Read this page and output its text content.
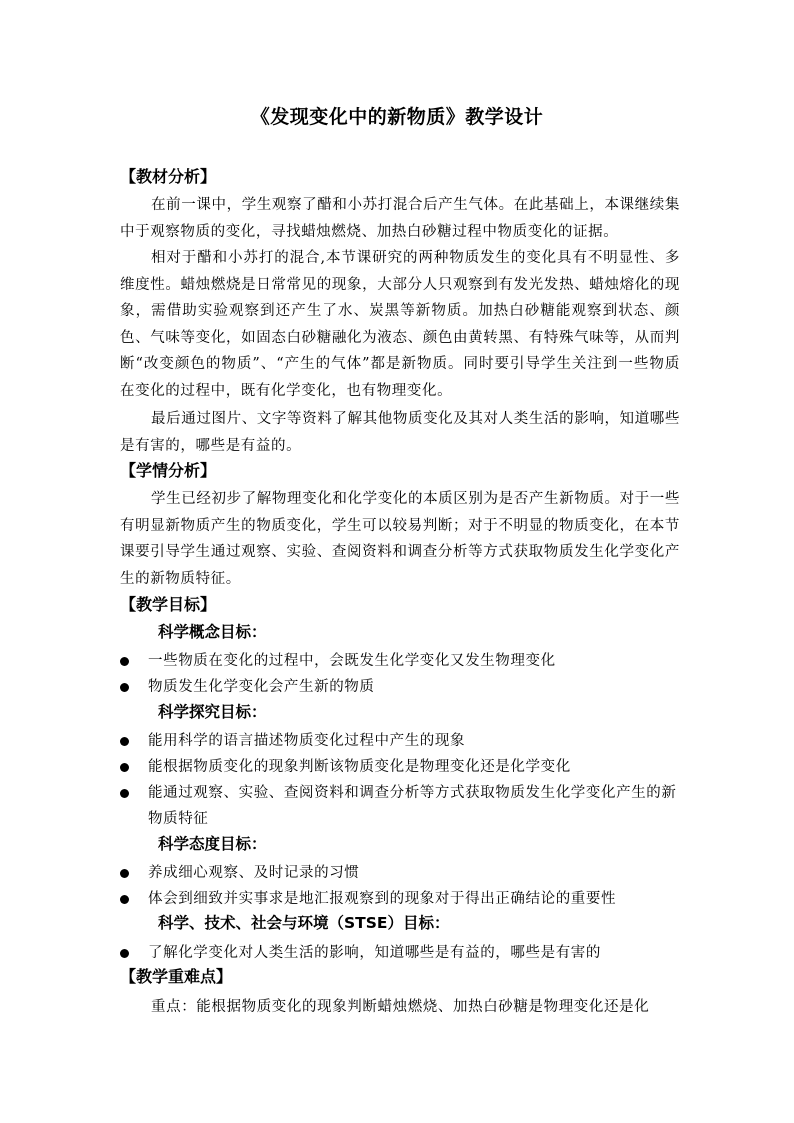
《发现变化中的新物质》教学设计
【教材分析】
在前一课中，学生观察了醋和小苏打混合后产生气体。在此基础上，本课继续集中于观察物质的变化，寻找蜡烛燃烧、加热白砂糖过程中物质变化的证据。
相对于醋和小苏打的混合,本节课研究的两种物质发生的变化具有不明显性、多维度性。蜡烛燃烧是日常常见的现象，大部分人只观察到有发光发热、蜡烛熔化的现象，需借助实验观察到还产生了水、炭黑等新物质。加热白砂糖能观察到状态、颜色、气味等变化，如固态白砂糖融化为液态、颜色由黄转黑、有特殊气味等，从而判断“改变颜色的物质”、“产生的气体”都是新物质。同时要引导学生关注到一些物质在变化的过程中，既有化学变化，也有物理变化。
最后通过图片、文字等资料了解其他物质变化及其对人类生活的影响，知道哪些是有害的，哪些是有益的。
【学情分析】
学生已经初步了解物理变化和化学变化的本质区别为是否产生新物质。对于一些有明显新物质产生的物质变化，学生可以较易判断；对于不明显的物质变化，在本节课要引导学生通过观察、实验、查阅资料和调查分析等方式获取物质发生化学变化产生的新物质特征。
【教学目标】
科学概念目标：
一些物质在变化的过程中，会既发生化学变化又发生物理变化
物质发生化学变化会产生新的物质
科学探究目标：
能用科学的语言描述物质变化过程中产生的现象
能根据物质变化的现象判断该物质变化是物理变化还是化学变化
能通过观察、实验、查阅资料和调查分析等方式获取物质发生化学变化产生的新物质特征
科学态度目标：
养成细心观察、及时记录的习惯
体会到细致并实事求是地汇报观察到的现象对于得出正确结论的重要性
科学、技术、社会与环境（STSE）目标：
了解化学变化对人类生活的影响，知道哪些是有益的，哪些是有害的
【教学重难点】
重点：能根据物质变化的现象判断蜡烛燃烧、加热白砂糖是物理变化还是化
